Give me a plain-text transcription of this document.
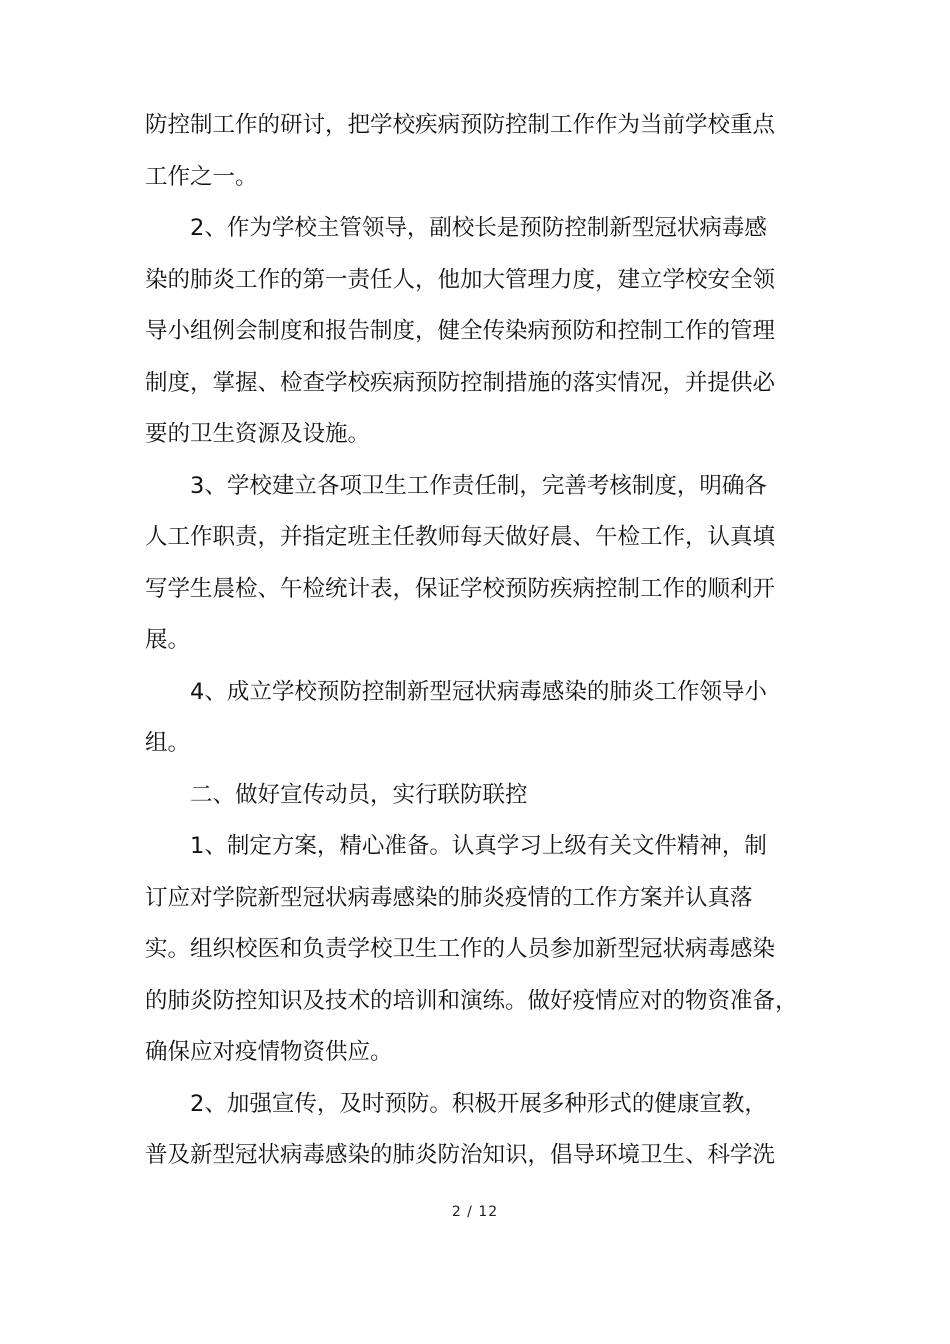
防控制工作的研讨，把学校疾病预防控制工作作为当前学校重点
工作之一。
2、作为学校主管领导，副校长是预防控制新型冠状病毒感
染的肺炎工作的第一责任人，他加大管理力度，建立学校安全领
导小组例会制度和报告制度，健全传染病预防和控制工作的管理
制度，掌握、检查学校疾病预防控制措施的落实情况，并提供必
要的卫生资源及设施。
3、学校建立各项卫生工作责任制，完善考核制度，明确各
人工作职责，并指定班主任教师每天做好晨、午检工作，认真填
写学生晨检、午检统计表，保证学校预防疾病控制工作的顺利开
展。
4、成立学校预防控制新型冠状病毒感染的肺炎工作领导小
组。
二、做好宣传动员，实行联防联控
1、制定方案，精心准备。认真学习上级有关文件精神，制
订应对学院新型冠状病毒感染的肺炎疫情的工作方案并认真落
实。组织校医和负责学校卫生工作的人员参加新型冠状病毒感染
的肺炎防控知识及技术的培训和演练。做好疫情应对的物资准备，
确保应对疫情物资供应。
2、加强宣传，及时预防。积极开展多种形式的健康宣教，
普及新型冠状病毒感染的肺炎防治知识，倡导环境卫生、科学洗
2 / 12
